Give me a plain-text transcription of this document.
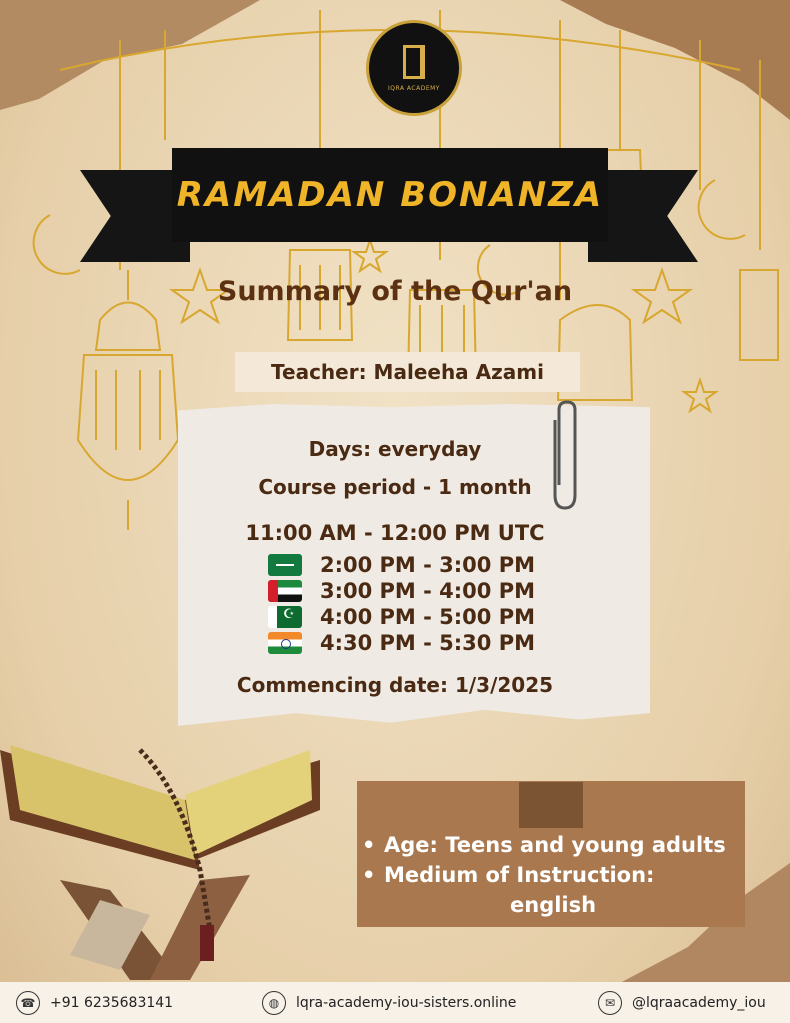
IQRA ACADEMY
RAMADAN BONANZA
Summary of the Qur'an
Teacher: Maleeha Azami
Days: everyday
Course period - 1 month
11:00 AM - 12:00 PM UTC
2:00 PM - 3:00 PM
3:00 PM - 4:00 PM
☪
4:00 PM - 5:00 PM
4:30 PM - 5:30 PM
Commencing date: 1/3/2025
• Age: Teens and young adults
• Medium of Instruction:
english
☎	+91 6235683141	◍	lqra-academy-iou-sisters.online	✉	@lqraacademy_iou
